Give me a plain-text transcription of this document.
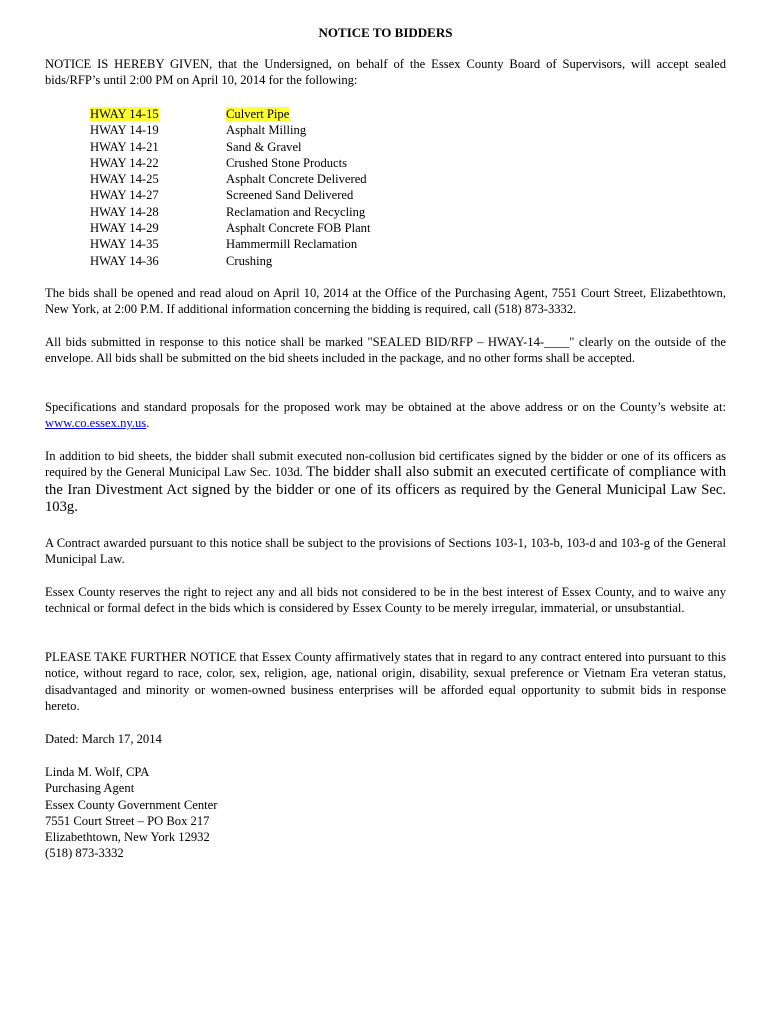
NOTICE TO BIDDERS

NOTICE IS HEREBY GIVEN, that the Undersigned, on behalf of the Essex County Board of Supervisors, will accept sealed bids/RFP’s until 2:00 PM on April 10, 2014 for the following:

HWAY 14-15	Culvert Pipe
HWAY 14-19	Asphalt Milling
HWAY 14-21	Sand & Gravel
HWAY 14-22	Crushed Stone Products
HWAY 14-25	Asphalt Concrete Delivered
HWAY 14-27	Screened Sand Delivered
HWAY 14-28	Reclamation and Recycling
HWAY 14-29	Asphalt Concrete FOB Plant
HWAY 14-35	Hammermill Reclamation
HWAY 14-36	Crushing

The bids shall be opened and read aloud on April 10, 2014 at the Office of the Purchasing Agent, 7551 Court Street, Elizabethtown, New York, at 2:00 P.M. If additional information concerning the bidding is required, call (518) 873-3332.

All bids submitted in response to this notice shall be marked "SEALED BID/RFP – HWAY-14-____" clearly on the outside of the envelope. All bids shall be submitted on the bid sheets included in the package, and no other forms shall be accepted.

Specifications and standard proposals for the proposed work may be obtained at the above address or on the County’s website at: www.co.essex.ny.us.

In addition to bid sheets, the bidder shall submit executed non-collusion bid certificates signed by the bidder or one of its officers as required by the General Municipal Law Sec. 103d. The bidder shall also submit an executed certificate of compliance with the Iran Divestment Act signed by the bidder or one of its officers as required by the General Municipal Law Sec. 103g.

A Contract awarded pursuant to this notice shall be subject to the provisions of Sections 103-1, 103-b, 103-d and 103-g of the General Municipal Law.

Essex County reserves the right to reject any and all bids not considered to be in the best interest of Essex County, and to waive any technical or formal defect in the bids which is considered by Essex County to be merely irregular, immaterial, or unsubstantial.

PLEASE TAKE FURTHER NOTICE that Essex County affirmatively states that in regard to any contract entered into pursuant to this notice, without regard to race, color, sex, religion, age, national origin, disability, sexual preference or Vietnam Era veteran status, disadvantaged and minority or women-owned business enterprises will be afforded equal opportunity to submit bids in response hereto.

Dated: March 17, 2014

Linda M. Wolf, CPA
Purchasing Agent
Essex County Government Center
7551 Court Street – PO Box 217
Elizabethtown, New York 12932
(518) 873-3332
